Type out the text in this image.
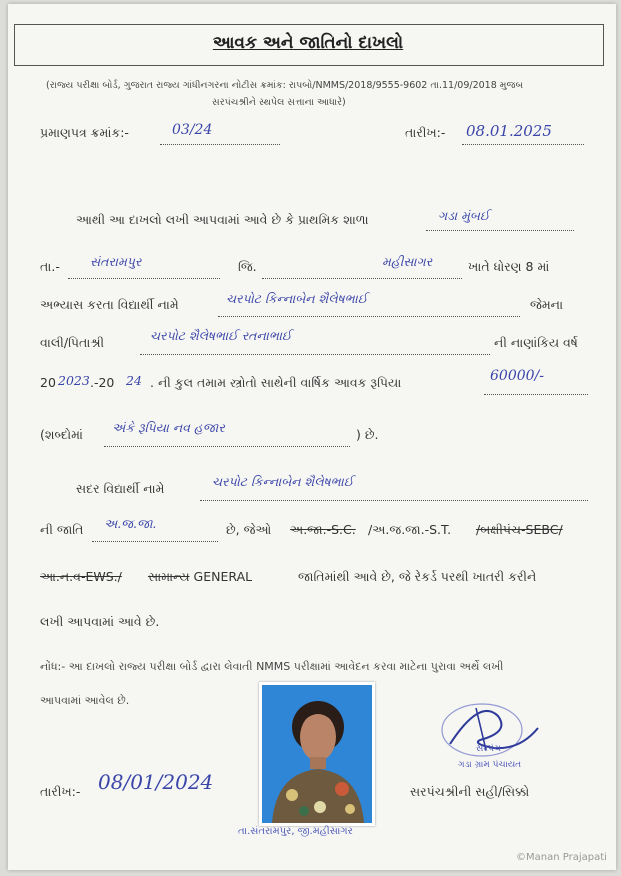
આવક અને જાતિનો દાખલો
(રાજ્ય પરીક્ષા બોર્ડ, ગુજરાત રાજ્ય ગાંધીનગરના નોટીસ ક્રમાંક: રાપબો/NMMS/2018/9555-9602 તા.11/09/2018 મુજબ
સરપંચશ્રીને સ્થપેલ સત્તાના આધારે)
પ્રમાણપત્ર ક્રમાંક:-	03/24	તારીખ:- 08.01.2025
આથી આ દાખલો લખી આપવામાં આવે છે કે પ્રાથમિક શાળા	ગડા મુંબઈ
તા.- સંતરામપુર	જિ.	મહીસાગર	ખાતે ધોરણ 8 માં
અભ્યાસ કરતા વિદ્યાર્થી નામે	ચરપોટ કિન્નાબેન શૈલેષભાઈ	જેમના
વાલી/પિતાશ્રી	ચરપોટ શૈલેષભાઈ રતનાભાઈ	ની નાણાંકિય વર્ષ
20 2023 .-20 24 . ની કુલ તમામ સ્ત્રોતો સાથેની વાર્ષિક આવક રૂપિયા	60000/-
(શબ્દોમાં અંકે રૂપિયા નવ હજાર	) છે.
સદર વિદ્યાર્થી નામે	ચરપોટ કિન્નાબેન શૈલેષભાઈ
ની જાતિ અ.જ.જા.	છે, જેઓ અ.જા.-S.C. /અ.જ.જા.-S.T. /બક્ષીપંચ-SEBC/
આ.ન.વ-EWS./ સામાન્ય GENERAL	જાતિમાંથી આવે છે, જે રેકર્ડ પરથી ખાતરી કરીને
લખી આપવામાં આવે છે.
નોંધ:- આ દાખલો રાજ્ય પરીક્ષા બોર્ડ દ્વારા લેવાતી NMMS પરીક્ષામાં આવેદન કરવા માટેના પુરાવા અર્થે લખી
આપવામાં આવેલ છે.
તારીખ:- 08/01/2024
સરપંચ
ગડા ગ્રામ પંચાયત
સરપંચશ્રીની સહી/સિક્કો
તા.સંતરામપુર, જી.મહીસાગર
©Manan Prajapati
